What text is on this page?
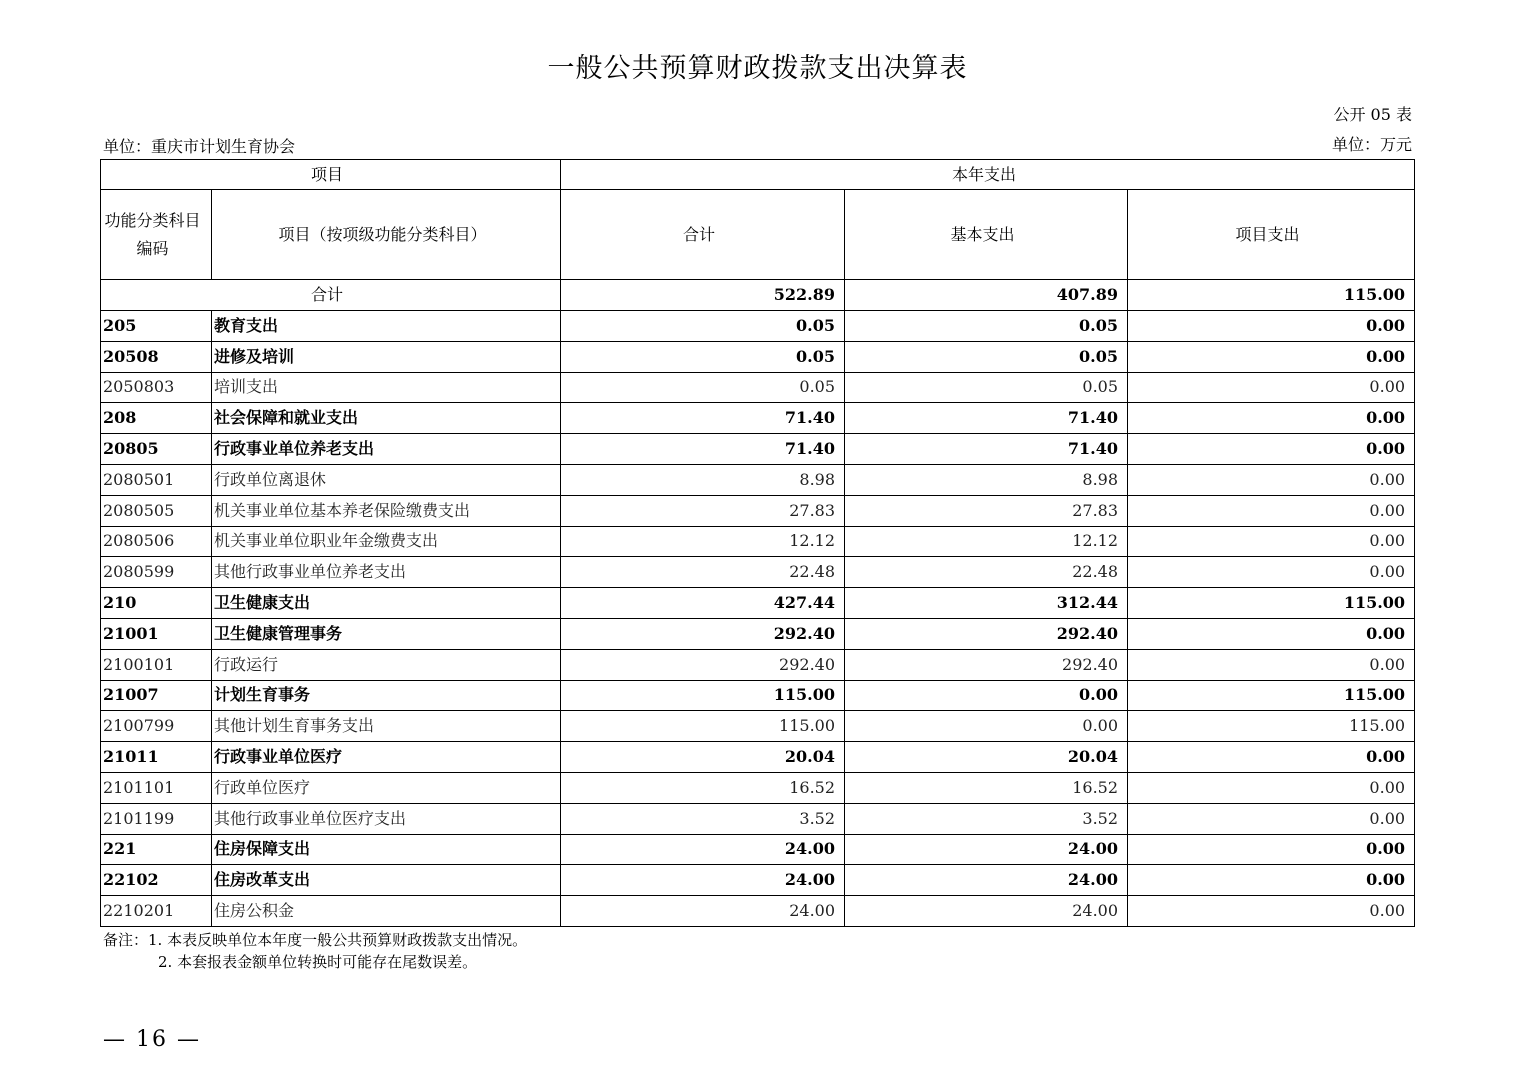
一般公共预算财政拨款支出决算表
公开 05 表
单位：重庆市计划生育协会	单位：万元
项目		本年支出		
功能分类科目编码	项目（按项级功能分类科目）	合计	基本支出	项目支出
合计		522.89	407.89	115.00
205	教育支出	0.05	0.05	0.00
20508	进修及培训	0.05	0.05	0.00
2050803	培训支出	0.05	0.05	0.00
208	社会保障和就业支出	71.40	71.40	0.00
20805	行政事业单位养老支出	71.40	71.40	0.00
2080501	行政单位离退休	8.98	8.98	0.00
2080505	机关事业单位基本养老保险缴费支出	27.83	27.83	0.00
2080506	机关事业单位职业年金缴费支出	12.12	12.12	0.00
2080599	其他行政事业单位养老支出	22.48	22.48	0.00
210	卫生健康支出	427.44	312.44	115.00
21001	卫生健康管理事务	292.40	292.40	0.00
2100101	行政运行	292.40	292.40	0.00
21007	计划生育事务	115.00	0.00	115.00
2100799	其他计划生育事务支出	115.00	0.00	115.00
21011	行政事业单位医疗	20.04	20.04	0.00
2101101	行政单位医疗	16.52	16.52	0.00
2101199	其他行政事业单位医疗支出	3.52	3.52	0.00
221	住房保障支出	24.00	24.00	0.00
22102	住房改革支出	24.00	24.00	0.00
2210201	住房公积金	24.00	24.00	0.00
备注：1. 本表反映单位本年度一般公共预算财政拨款支出情况。
2. 本套报表金额单位转换时可能存在尾数误差。
— 16 —
